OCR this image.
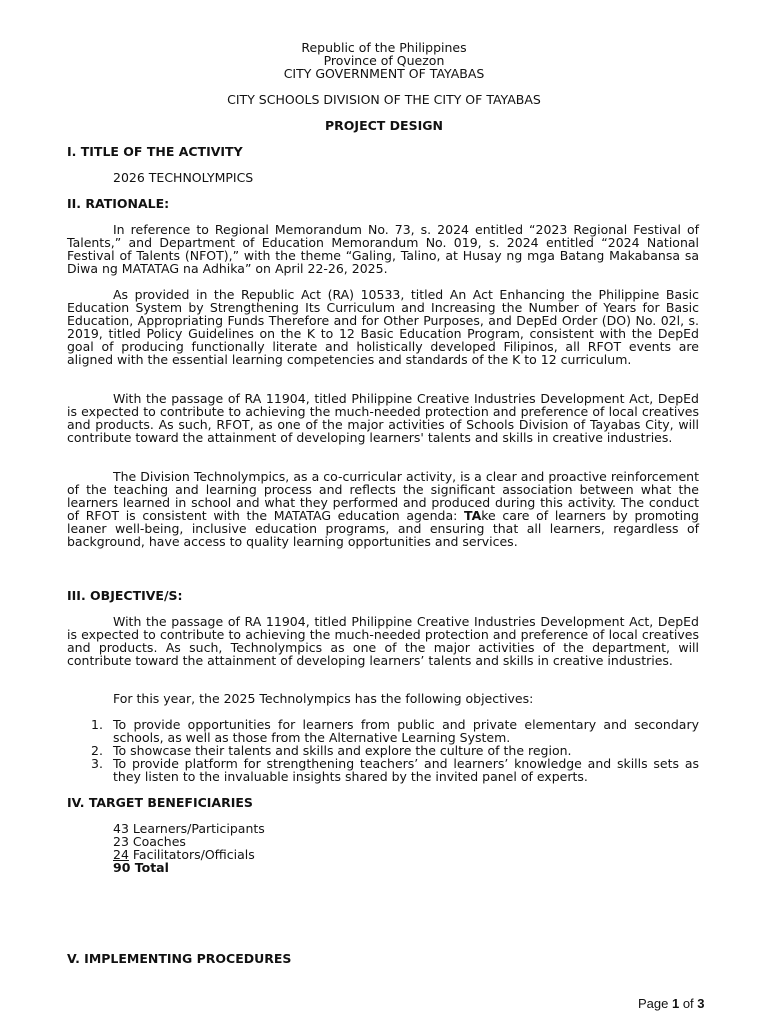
Republic of the Philippines
Province of Quezon
CITY GOVERNMENT OF TAYABAS
CITY SCHOOLS DIVISION OF THE CITY OF TAYABAS
PROJECT DESIGN
I. TITLE OF THE ACTIVITY
2026 TECHNOLYMPICS
II. RATIONALE:

In reference to Regional Memorandum No. 73, s. 2024 entitled “2023 Regional Festival of Talents,” and Department of Education Memorandum No. 019, s. 2024 entitled “2024 National Festival of Talents (NFOT),” with the theme “Galing, Talino, at Husay ng mga Batang Makabansa sa Diwa ng MATATAG na Adhika” on April 22-26, 2025.

As provided in the Republic Act (RA) 10533, titled An Act Enhancing the Philippine Basic Education System by Strengthening Its Curriculum and Increasing the Number of Years for Basic Education, Appropriating Funds Therefore and for Other Purposes, and DepEd Order (DO) No. 02l, s. 2019, titled Policy Guidelines on the K to 12 Basic Education Program, consistent with the DepEd goal of producing functionally literate and holistically developed Filipinos, all RFOT events are aligned with the essential learning competencies and standards of the K to 12 curriculum.

With the passage of RA 11904, titled Philippine Creative Industries Development Act, DepEd is expected to contribute to achieving the much-needed protection and preference of local creatives and products. As such, RFOT, as one of the major activities of Schools Division of Tayabas City, will contribute toward the attainment of developing learners' talents and skills in creative industries.

The Division Technolympics, as a co-curricular activity, is a clear and proactive reinforcement of the teaching and learning process and reflects the significant association between what the learners learned in school and what they performed and produced during this activity. The conduct of RFOT is consistent with the MATATAG education agenda: TAke care of learners by promoting leaner well-being, inclusive education programs, and ensuring that all learners, regardless of background, have access to quality learning opportunities and services.

III. OBJECTIVE/S:

With the passage of RA 11904, titled Philippine Creative Industries Development Act, DepEd is expected to contribute to achieving the much-needed protection and preference of local creatives and products. As such, Technolympics as one of the major activities of the department, will contribute toward the attainment of developing learners’ talents and skills in creative industries.

For this year, the 2025 Technolympics has the following objectives:
1. To provide opportunities for learners from public and private elementary and secondary schools, as well as those from the Alternative Learning System.
2. To showcase their talents and skills and explore the culture of the region.
3. To provide platform for strengthening teachers’ and learners’ knowledge and skills sets as they listen to the invaluable insights shared by the invited panel of experts.
IV. TARGET BENEFICIARIES
43 Learners/Participants
23 Coaches
24 Facilitators/Officials
90 Total
V. IMPLEMENTING PROCEDURES
Page 1 of 3
